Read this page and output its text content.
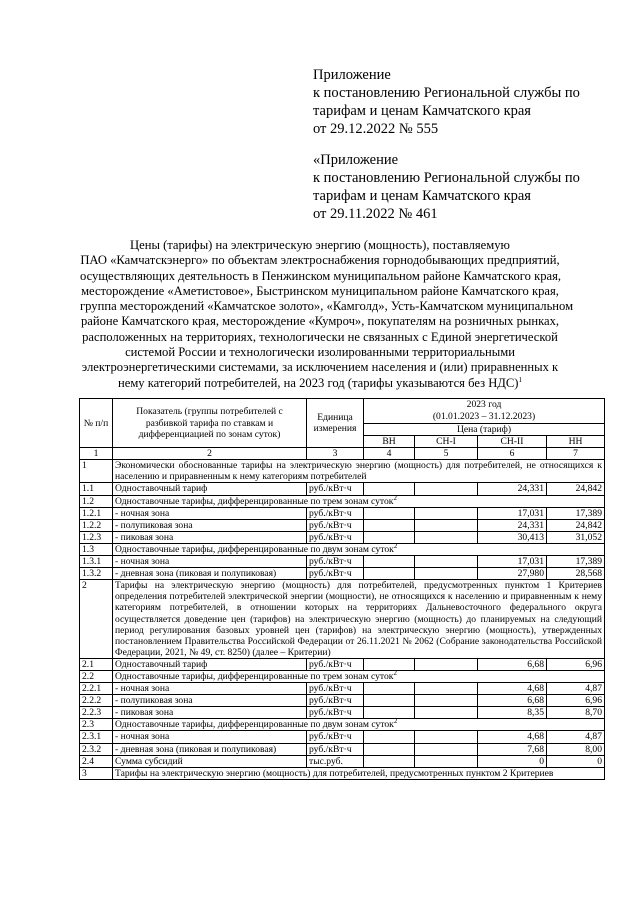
Приложение
к постановлению Региональной службы по
тарифам и ценам Камчатского края
от 29.12.2022 № 555
«Приложение
к постановлению Региональной службы по
тарифам и ценам Камчатского края
от 29.11.2022 № 461
Цены (тарифы) на электрическую энергию (мощность), поставляемую
ПАО «Камчатскэнерго» по объектам электроснабжения горнодобывающих предприятий,
осуществляющих деятельность в Пенжинском муниципальном районе Камчатского края,
месторождение «Аметистовое», Быстринском муниципальном районе Камчатского края,
группа месторождений «Камчатское золото», «Камголд», Усть-Камчатском муниципальном
районе Камчатского края, месторождение «Кумроч», покупателям на розничных рынках,
расположенных на территориях, технологически не связанных с Единой энергетической
системой России и технологически изолированными территориальными
электроэнергетическими системами, за исключением населения и (или) приравненных к
нему категорий потребителей, на 2023 год (тарифы указываются без НДС)$^1$
№ п/п	Показатель (группы потребителей с разбивкой тарифа по ставкам и дифференциацией по зонам суток)	Единица измерения	2023 год
(01.01.2023 – 31.12.2023)			

			Цена (тариф)			
			ВН	СН-I	СН-II	НН
1	2	3	4	5	6	7
1	Экономически обоснованные тарифы на электрическую энергию (мощность) для потребителей, не относящихся к населению и приравненным к нему категориям потребителей					
1.1	Одноставочный тариф	руб./кВт·ч			24,331	24,842
1.2	Одноставочные тарифы, дифференцированные по трем зонам суток$^2$
1.2.1	- ночная зона	руб./кВт·ч			17,031	17,389
1.2.2	- полупиковая зона	руб./кВт·ч			24,331	24,842
1.2.3	- пиковая зона	руб./кВт·ч			30,413	31,052
1.3	Одноставочные тарифы, дифференцированные по двум зонам суток$^2$
1.3.1	- ночная зона	руб./кВт·ч			17,031	17,389
1.3.2	- дневная зона (пиковая и полупиковая)	руб./кВт·ч			27,980	28,568
2	Тарифы на электрическую энергию (мощность) для потребителей, предусмотренных пунктом 1 Критериев определения потребителей электрической энергии (мощности), не относящихся к населению и приравненным к нему категориям потребителей, в отношении которых на территориях Дальневосточного федерального округа осуществляется доведение цен (тарифов) на электрическую энергию (мощность) до планируемых на следующий период регулирования базовых уровней цен (тарифов) на электрическую энергию (мощность), утвержденных постановлением Правительства Российской Федерации от 26.11.2021 № 2062 (Собрание законодательства Российской Федерации, 2021, № 49, ст. 8250) (далее – Критерии)					
2.1	Одноставочный тариф	руб./кВт·ч			6,68	6,96
2.2	Одноставочные тарифы, дифференцированные по трем зонам суток$^2$
2.2.1	- ночная зона	руб./кВт·ч			4,68	4,87
2.2.2	- полупиковая зона	руб./кВт·ч			6,68	6,96
2.2.3	- пиковая зона	руб./кВт·ч			8,35	8,70
2.3	Одноставочные тарифы, дифференцированные по двум зонам суток$^2$
2.3.1	- ночная зона	руб./кВт·ч			4,68	4,87
2.3.2	- дневная зона (пиковая и полупиковая)	руб./кВт·ч			7,68	8,00
2.4	Сумма субсидий	тыс.руб.			0	0
3	Тарифы на электрическую энергию (мощность) для потребителей, предусмотренных пунктом 2 Критериев					
